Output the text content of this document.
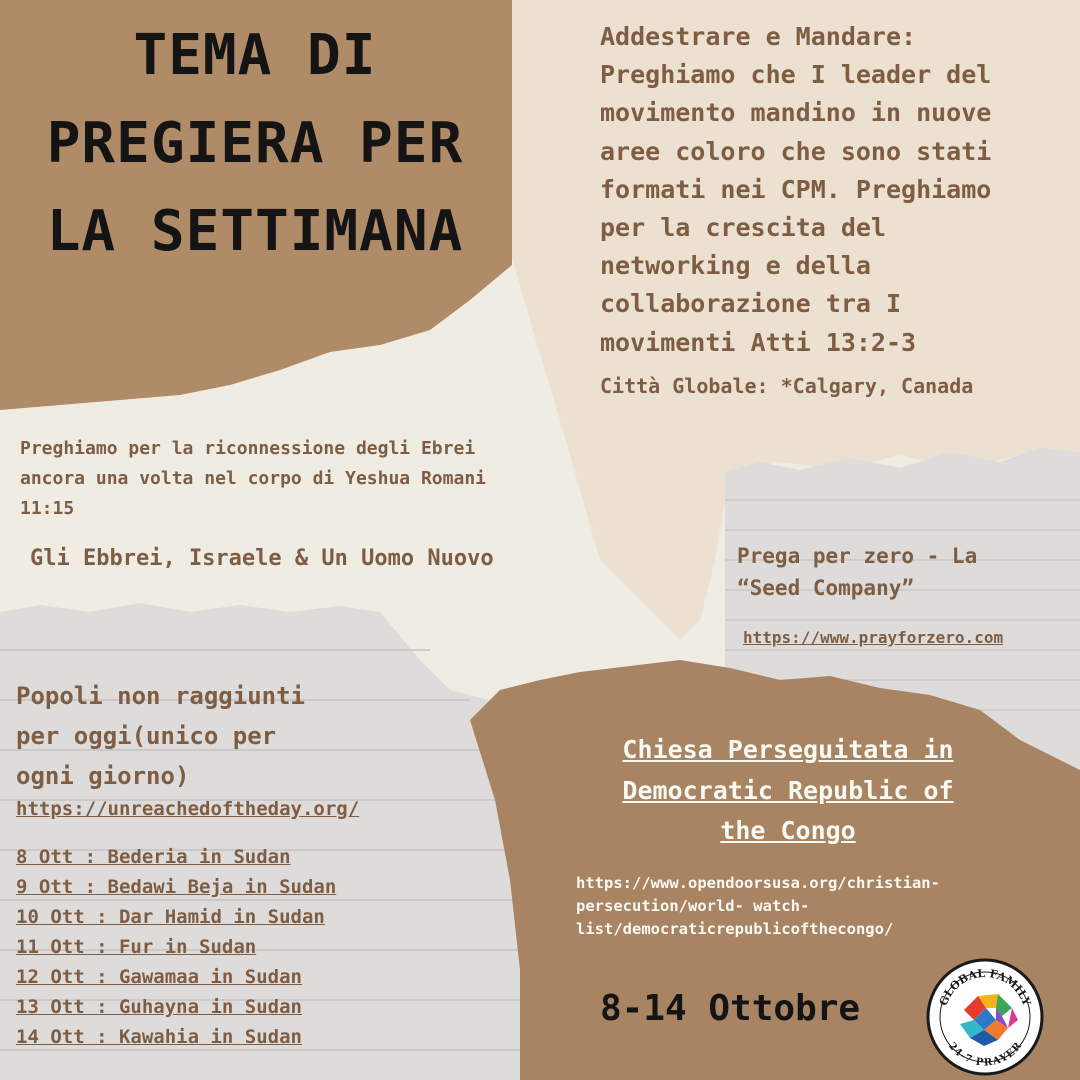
TEMA DI
PREGIERA PER
LA SETTIMANA
Addestrare e Mandare:
Preghiamo che I leader del
movimento mandino in nuove
aree coloro che sono stati
formati nei CPM. Preghiamo
per la crescita del
networking e della
collaborazione tra I
movimenti Atti 13:2-3
Città Globale: *Calgary, Canada
Preghiamo per la riconnessione degli Ebrei
ancora una volta nel corpo di Yeshua Romani
11:15
Gli Ebbrei, Israele & Un Uomo Nuovo	Prega per zero - La
“Seed Company”
https://www.prayforzero.com
Popoli non raggiunti
per oggi(unico per
ogni giorno)
https://unreachedoftheday.org/
8 Ott : Bederia in Sudan
9 Ott : Bedawi Beja in Sudan
10 Ott : Dar Hamid in Sudan
11 Ott : Fur in Sudan
12 Ott : Gawamaa in Sudan
13 Ott : Guhayna in Sudan
14 Ott : Kawahia in Sudan
Chiesa Perseguitata in
Democratic Republic of
the Congo
https://www.opendoorsusa.org/christian-
persecution/world- watch-
list/democraticrepublicofthecongo/
8-14 Ottobre	GLOBAL FAMILY
24-7 PRAYER
